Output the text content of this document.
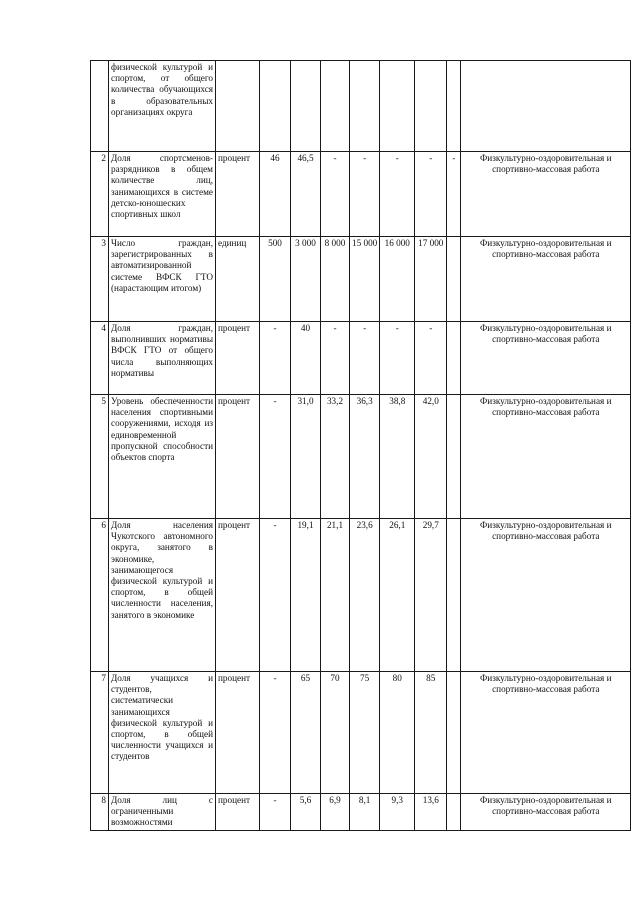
	физической культурой и спортом, от общего количества обучающихся в образовательных организациях округа									
2	Доля спортсменов-разрядников в общем количестве лиц, занимающихся в системе детско-юношеских спортивных школ	процент	46	46,5	-	-	-	-	-	Физкультурно-оздоровительная и спортивно-массовая работа
3	Число граждан, зарегистрированных в автоматизированной системе ВФСК ГТО (нарастающим итогом)	единиц	500	3 000	8 000	15 000	16 000	17 000		Физкультурно-оздоровительная и спортивно-массовая работа
4	Доля граждан, выполнивших нормативы ВФСК ГТО от общего числа выполняющих нормативы	процент	-	40	-	-	-	-		Физкультурно-оздоровительная и спортивно-массовая работа
5	Уровень обеспеченности населения спортивными сооружениями, исходя из единовременной пропускной способности объектов спорта	процент	-	31,0	33,2	36,3	38,8	42,0		Физкультурно-оздоровительная и спортивно-массовая работа
6	Доля населения Чукотского автономного округа, занятого в экономике, занимающегося физической культурой и спортом, в общей численности населения, занятого в экономике	процент	-	19,1	21,1	23,6	26,1	29,7		Физкультурно-оздоровительная и спортивно-массовая работа
7	Доля учащихся и студентов, систематически занимающихся физической культурой и спортом, в общей численности учащихся и студентов	процент	-	65	70	75	80	85		Физкультурно-оздоровительная и спортивно-массовая работа
8	Доля лиц с ограниченными возможностями	процент	-	5,6	6,9	8,1	9,3	13,6		Физкультурно-оздоровительная и спортивно-массовая работа
